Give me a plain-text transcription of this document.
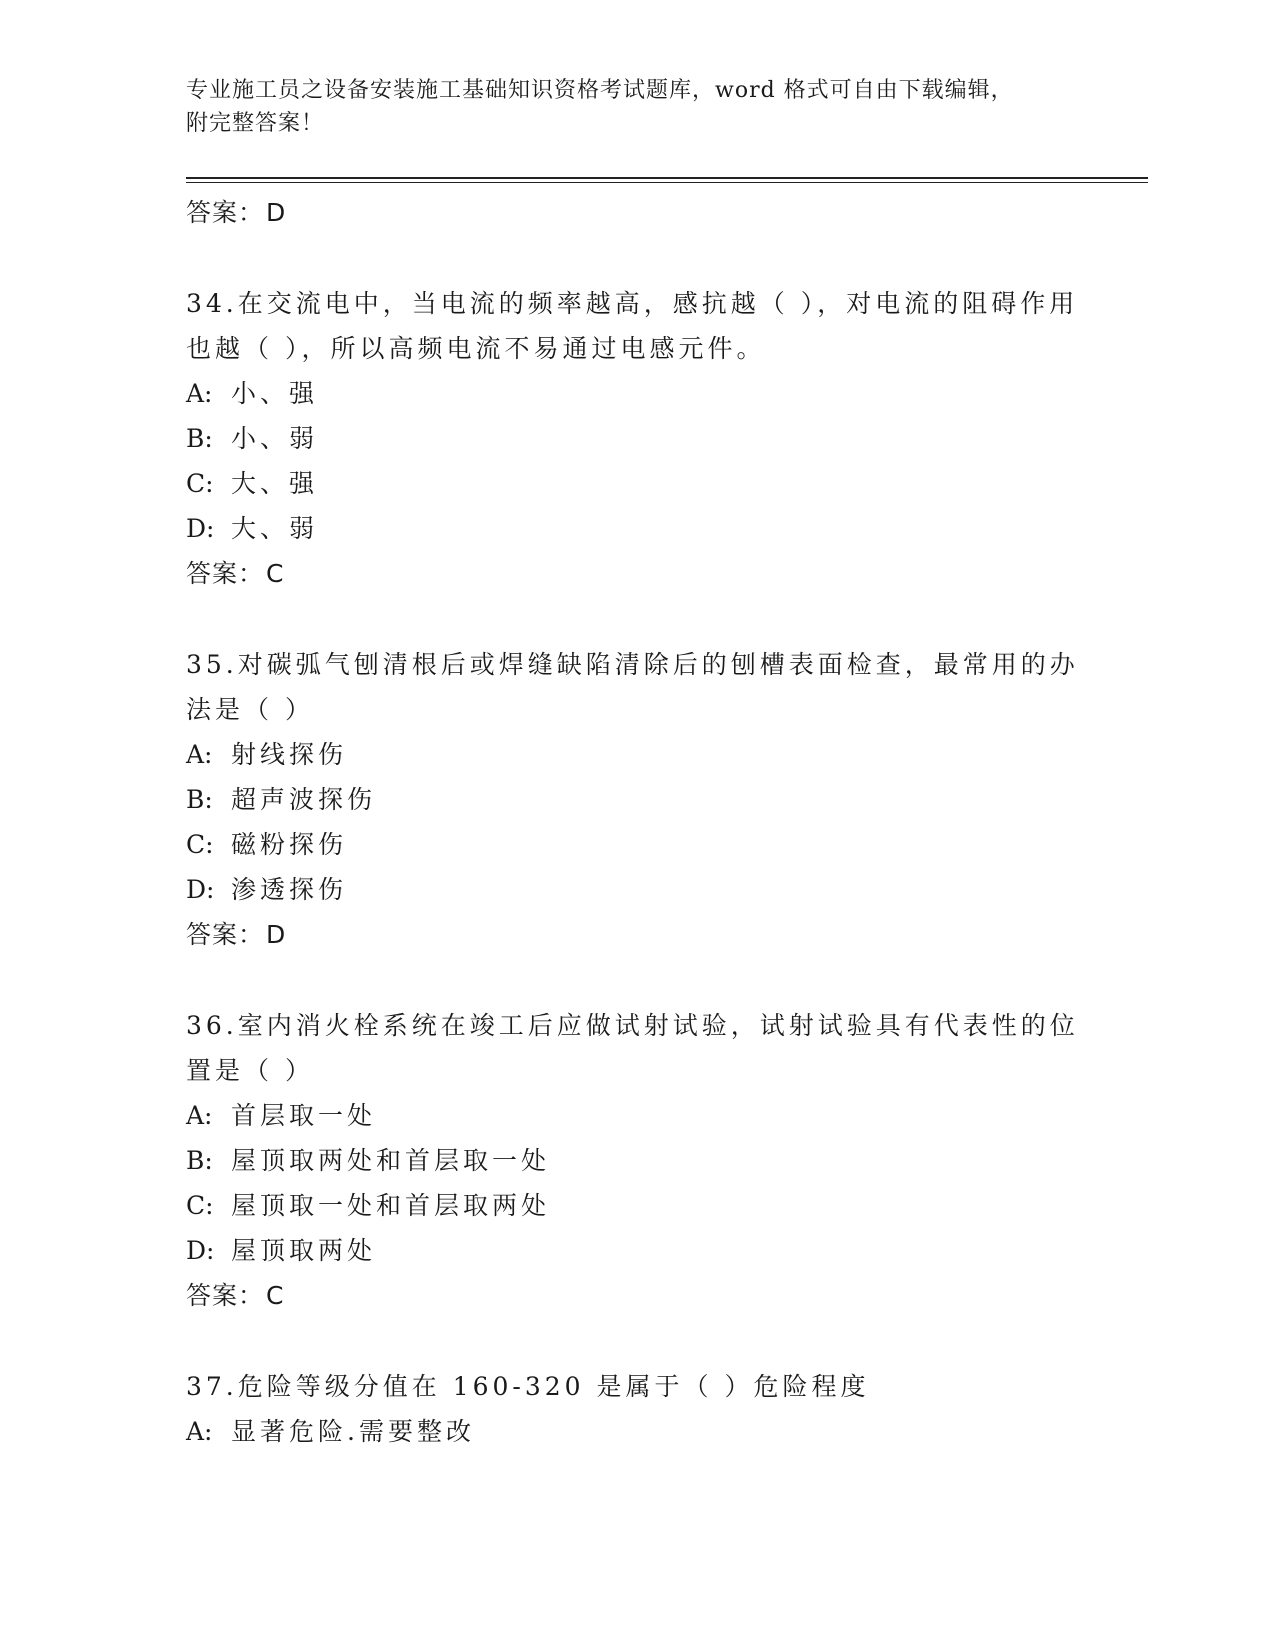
专业施工员之设备安装施工基础知识资格考试题库，word 格式可自由下载编辑，
附完整答案！
答案：D
34.在交流电中，当电流的频率越高，感抗越（ ），对电流的阻碍作用也越（ ），所以高频电流不易通过电感元件。
A: 小、强
B: 小、弱
C: 大、强
D: 大、弱
答案：C
35.对碳弧气刨清根后或焊缝缺陷清除后的刨槽表面检查，最常用的办法是（ ）
A: 射线探伤
B: 超声波探伤
C: 磁粉探伤
D: 渗透探伤
答案：D
36.室内消火栓系统在竣工后应做试射试验，试射试验具有代表性的位置是（ ）
A: 首层取一处
B: 屋顶取两处和首层取一处
C: 屋顶取一处和首层取两处
D: 屋顶取两处
答案：C
37.危险等级分值在 160-320 是属于（ ）危险程度
A: 显著危险.需要整改
